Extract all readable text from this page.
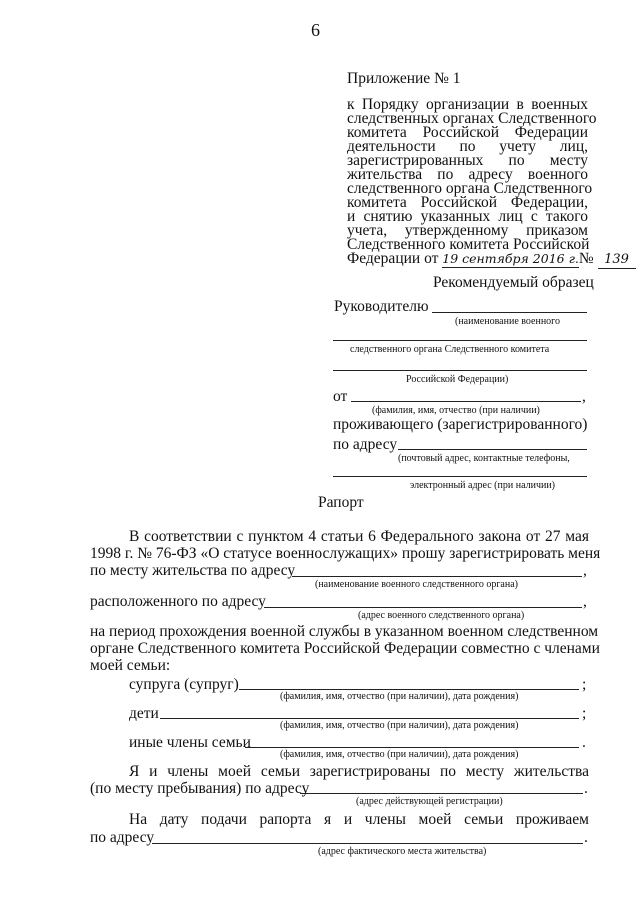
6
Приложение № 1
к Порядку организации в военных
следственных органах Следственного
комитета Российской Федерации
деятельности по учету лиц,
зарегистрированных по месту
жительства по адресу военного
следственного органа Следственного
комитета Российской Федерации,
и снятию указанных лиц с такого
учета, утвержденному приказом
Следственного комитета Российской
Федерации от 19 сентября 2016 г.№ 139
Рекомендуемый образец
Руководителю
(наименование военного
следственного органа Следственного комитета
Российской Федерации)
от	,
(фамилия, имя, отчество (при наличии)
проживающего (зарегистрированного)
по адресу
(почтовый адрес, контактные телефоны,
электронный адрес (при наличии)
Рапорт
В соответствии с пунктом 4 статьи 6 Федерального закона от 27 мая
1998 г. № 76-ФЗ «О статусе военнослужащих» прошу зарегистрировать меня
по месту жительства по адресу	,
(наименование военного следственного органа)
расположенного по адресу	,
(адрес военного следственного органа)
на период прохождения военной службы в указанном военном следственном
органе Следственного комитета Российской Федерации совместно с членами
моей семьи:
супруга (супруг)	;
(фамилия, имя, отчество (при наличии), дата рождения)
дети	;
(фамилия, имя, отчество (при наличии), дата рождения)
иные члены семьи	.
(фамилия, имя, отчество (при наличии), дата рождения)
Я и члены моей семьи зарегистрированы по месту жительства
(по месту пребывания) по адресу	.
(адрес действующей регистрации)
На дату подачи рапорта я и члены моей семьи проживаем
по адресу	.
(адрес фактического места жительства)
